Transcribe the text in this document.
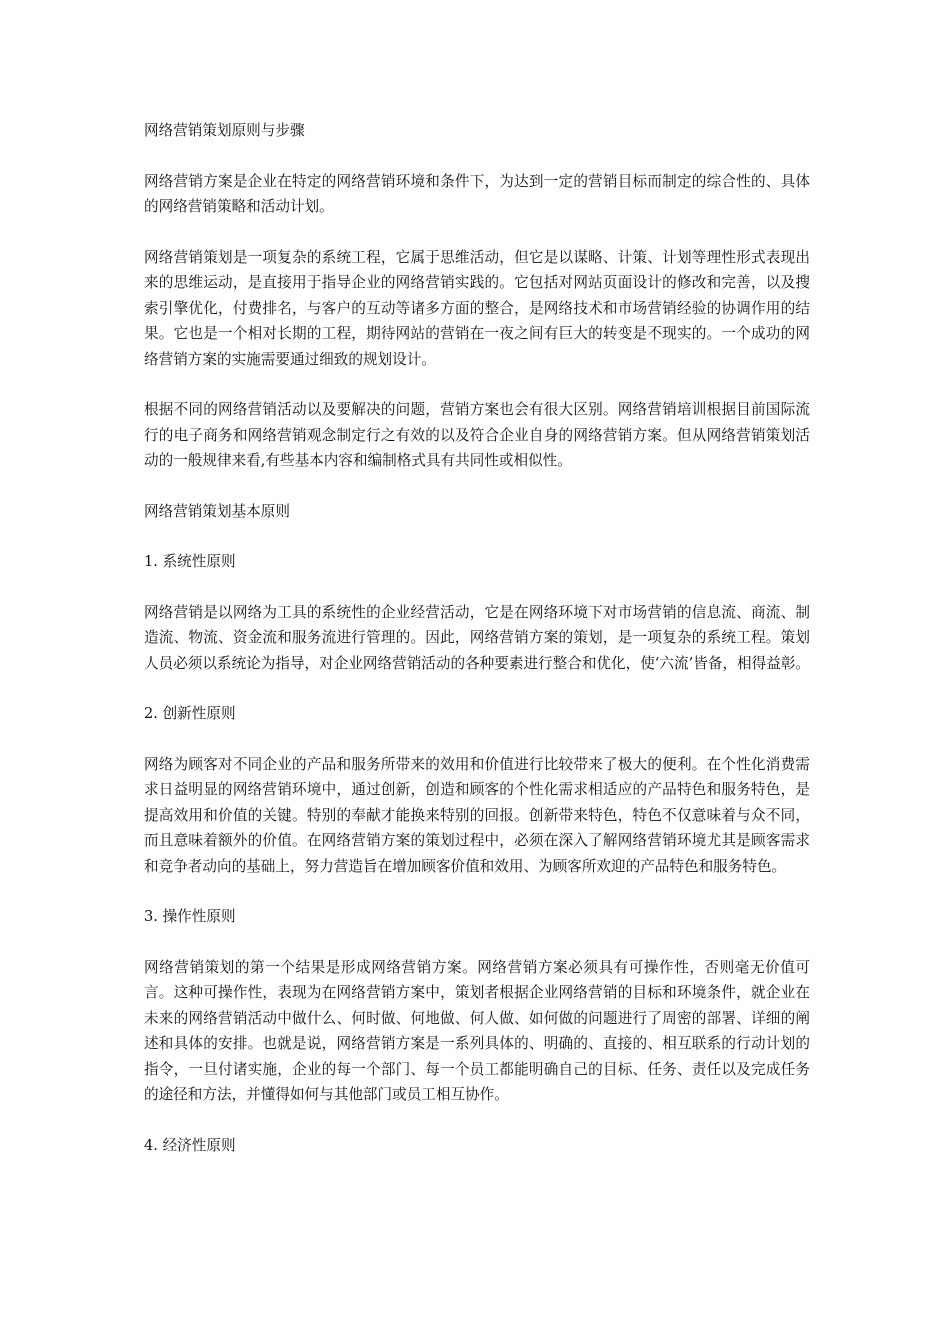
网络营销策划原则与步骤

网络营销方案是企业在特定的网络营销环境和条件下，为达到一定的营销目标而制定的综合性的、具体的网络营销策略和活动计划。

网络营销策划是一项复杂的系统工程，它属于思维活动，但它是以谋略、计策、计划等理性形式表现出来的思维运动，是直接用于指导企业的网络营销实践的。它包括对网站页面设计的修改和完善，以及搜索引擎优化，付费排名，与客户的互动等诸多方面的整合，是网络技术和市场营销经验的协调作用的结果。它也是一个相对长期的工程，期待网站的营销在一夜之间有巨大的转变是不现实的。一个成功的网络营销方案的实施需要通过细致的规划设计。

根据不同的网络营销活动以及要解决的问题，营销方案也会有很大区别。网络营销培训根据目前国际流行的电子商务和网络营销观念制定行之有效的以及符合企业自身的网络营销方案。但从网络营销策划活动的一般规律来看,有些基本内容和编制格式具有共同性或相似性。

网络营销策划基本原则

1. 系统性原则

网络营销是以网络为工具的系统性的企业经营活动，它是在网络环境下对市场营销的信息流、商流、制造流、物流、资金流和服务流进行管理的。因此，网络营销方案的策划，是一项复杂的系统工程。策划人员必须以系统论为指导，对企业网络营销活动的各种要素进行整合和优化，使‘六流’皆备，相得益彰。

2. 创新性原则

网络为顾客对不同企业的产品和服务所带来的效用和价值进行比较带来了极大的便利。在个性化消费需求日益明显的网络营销环境中，通过创新，创造和顾客的个性化需求相适应的产品特色和服务特色，是提高效用和价值的关键。特别的奉献才能换来特别的回报。创新带来特色，特色不仅意味着与众不同，而且意味着额外的价值。在网络营销方案的策划过程中，必须在深入了解网络营销环境尤其是顾客需求和竞争者动向的基础上，努力营造旨在增加顾客价值和效用、为顾客所欢迎的产品特色和服务特色。

3. 操作性原则

网络营销策划的第一个结果是形成网络营销方案。网络营销方案必须具有可操作性，否则毫无价值可言。这种可操作性，表现为在网络营销方案中，策划者根据企业网络营销的目标和环境条件，就企业在未来的网络营销活动中做什么、何时做、何地做、何人做、如何做的问题进行了周密的部署、详细的阐述和具体的安排。也就是说，网络营销方案是一系列具体的、明确的、直接的、相互联系的行动计划的指令，一旦付诸实施，企业的每一个部门、每一个员工都能明确自己的目标、任务、责任以及完成任务的途径和方法，并懂得如何与其他部门或员工相互协作。

4. 经济性原则
